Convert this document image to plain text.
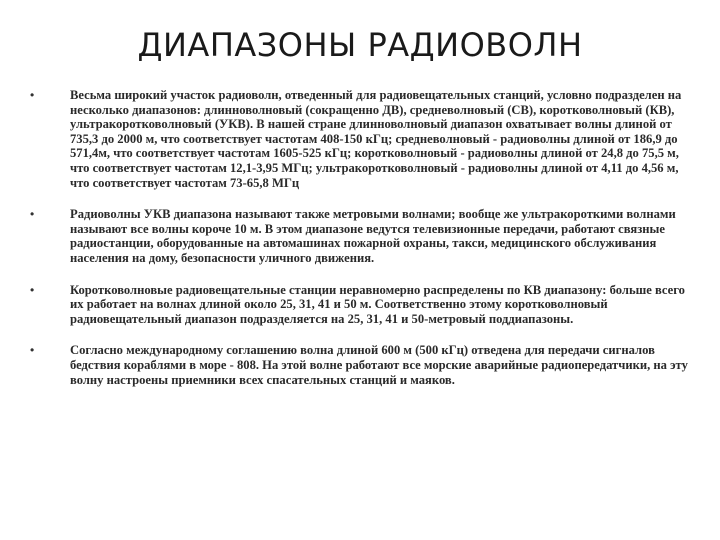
ДИАПАЗОНЫ РАДИОВОЛН
•	Весьма широкий участок радиоволн, отведенный для радиовещательных станций, условно подразделен на несколько диапазонов: длинноволновый (сокращенно ДВ), средневолновый (СВ), коротковолновый (КВ), ультракоротковолновый (УКВ). В нашей стране длинноволновый диапазон охватывает волны длиной от 735,3 до 2000 м, что соответствует частотам 408-150 кГц; средневолновый - радиоволны длиной от 186,9 до 571,4м, что соответствует частотам 1605-525 кГц; коротковолновый - радиоволны длиной от 24,8 до 75,5 м, что соответствует частотам 12,1-3,95 МГц; ультракоротковолновый - радиоволны длиной от 4,11 до 4,56 м, что соответствует частотам 73-65,8 МГц
•	Радиоволны УКВ диапазона называют также метровыми волнами; вообще же ультракороткими волнами называют все волны короче 10 м. В этом диапазоне ведутся телевизионные передачи, работают связные радиостанции, оборудованные на автомашинах пожарной охраны, такси, медицинского обслуживания населения на дому, безопасности уличного движения.
•	Коротковолновые радиовещательные станции неравномерно распределены по КВ диапазону: больше всего их работает на волнах длиной около 25, 31, 41 и 50 м. Соответственно этому коротковолновый радиовещательный диапазон подразделяется на 25, 31, 41 и 50-метровый поддиапазоны.
•	Согласно международному соглашению волна длиной 600 м (500 кГц) отведена для передачи сигналов бедствия кораблями в море - 808. На этой волне работают все морские аварийные радиопередатчики, на эту волну настроены приемники всех спасательных станций и маяков.
